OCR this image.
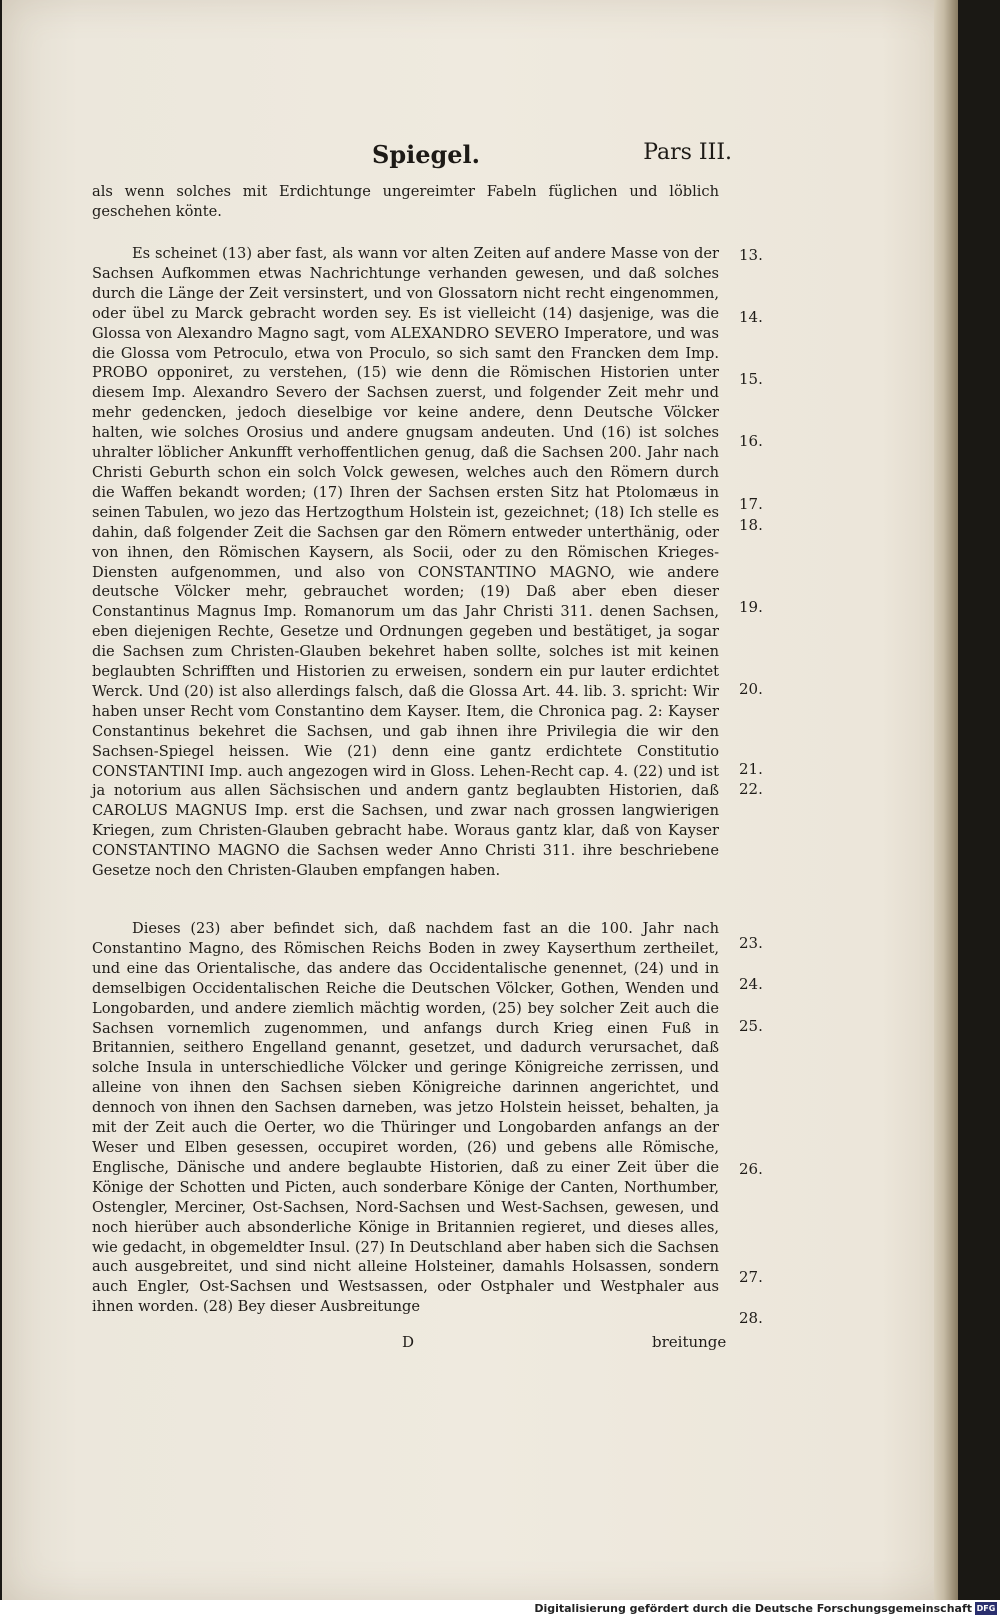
Spiegel.	Pars III.

als wenn solches mit Erdichtunge ungereimter Fabeln füglichen und löblich geschehen könte.

Es scheinet (13) aber fast, als wann vor alten Zeiten auf andere Masse von der Sachsen Aufkommen etwas Nachrichtunge verhanden gewesen, und daß solches durch die Länge der Zeit versinstert, und von Glossatorn nicht recht eingenommen, oder übel zu Marck gebracht worden sey. Es ist vielleicht (14) dasjenige, was die Glossa von Alexandro Magno sagt, vom ALEXANDRO SEVERO Imperatore, und was die Glossa vom Petroculo, etwa von Proculo, so sich samt den Francken dem Imp. PROBO opponiret, zu verstehen, (15) wie denn die Römischen Historien unter diesem Imp. Alexandro Severo der Sachsen zuerst, und folgender Zeit mehr und mehr gedencken, jedoch dieselbige vor keine andere, denn Deutsche Völcker halten, wie solches Orosius und andere gnugsam andeuten. Und (16) ist solches uhralter löblicher Ankunfft verhoffentlichen genug, daß die Sachsen 200. Jahr nach Christi Geburth schon ein solch Volck gewesen, welches auch den Römern durch die Waffen bekandt worden; (17) Ihren der Sachsen ersten Sitz hat Ptolomæus in seinen Tabulen, wo jezo das Hertzogthum Holstein ist, gezeichnet; (18) Ich stelle es dahin, daß folgender Zeit die Sachsen gar den Römern entweder unterthänig, oder von ihnen, den Römischen Kaysern, als Socii, oder zu den Römischen Krieges-Diensten aufgenommen, und also von CONSTANTINO MAGNO, wie andere deutsche Völcker mehr, gebrauchet worden; (19) Daß aber eben dieser Constantinus Magnus Imp. Romanorum um das Jahr Christi 311. denen Sachsen, eben diejenigen Rechte, Gesetze und Ordnungen gegeben und bestätiget, ja sogar die Sachsen zum Christen-Glauben bekehret haben sollte, solches ist mit keinen beglaubten Schrifften und Historien zu erweisen, sondern ein pur lauter erdichtet Werck. Und (20) ist also allerdings falsch, daß die Glossa Art. 44. lib. 3. spricht: Wir haben unser Recht vom Constantino dem Kayser. Item, die Chronica pag. 2: Kayser Constantinus bekehret die Sachsen, und gab ihnen ihre Privilegia die wir den Sachsen-Spiegel heissen. Wie (21) denn eine gantz erdichtete Constitutio CONSTANTINI Imp. auch angezogen wird in Gloss. Lehen-Recht cap. 4. (22) und ist ja notorium aus allen Sächsischen und andern gantz beglaubten Historien, daß CAROLUS MAGNUS Imp. erst die Sachsen, und zwar nach grossen langwierigen Kriegen, zum Christen-Glauben gebracht habe. Woraus gantz klar, daß von Kayser CONSTANTINO MAGNO die Sachsen weder Anno Christi 311. ihre beschriebene Gesetze noch den Christen-Glauben empfangen haben.

Dieses (23) aber befindet sich, daß nachdem fast an die 100. Jahr nach Constantino Magno, des Römischen Reichs Boden in zwey Kayserthum zertheilet, und eine das Orientalische, das andere das Occidentalische genennet, (24) und in demselbigen Occidentalischen Reiche die Deutschen Völcker, Gothen, Wenden und Longobarden, und andere ziemlich mächtig worden, (25) bey solcher Zeit auch die Sachsen vornemlich zugenommen, und anfangs durch Krieg einen Fuß in Britannien, seithero Engelland genannt, gesetzet, und dadurch verursachet, daß solche Insula in unterschiedliche Völcker und geringe Königreiche zerrissen, und alleine von ihnen den Sachsen sieben Königreiche darinnen angerichtet, und dennoch von ihnen den Sachsen darneben, was jetzo Holstein heisset, behalten, ja mit der Zeit auch die Oerter, wo die Thüringer und Longobarden anfangs an der Weser und Elben gesessen, occupiret worden, (26) und gebens alle Römische, Englische, Dänische und andere beglaubte Historien, daß zu einer Zeit über die Könige der Schotten und Picten, auch sonderbare Könige der Canten, Northumber, Ostengler, Merciner, Ost-Sachsen, Nord-Sachsen und West-Sachsen, gewesen, und noch hierüber auch absonderliche Könige in Britannien regieret, und dieses alles, wie gedacht, in obgemeldter Insul. (27) In Deutschland aber haben sich die Sachsen auch ausgebreitet, und sind nicht alleine Holsteiner, damahls Holsassen, sondern auch Engler, Ost-Sachsen und Westsassen, oder Ostphaler und Westphaler aus ihnen worden. (28) Bey dieser Ausbreitunge

13.
14.
15.
16.
17.
18.
19.
20.
21.
22.
23.
24.
25.
26.
27.
28.
D	breitunge
Digitalisierung gefördert durch die Deutsche Forschungsgemeinschaft DFG
